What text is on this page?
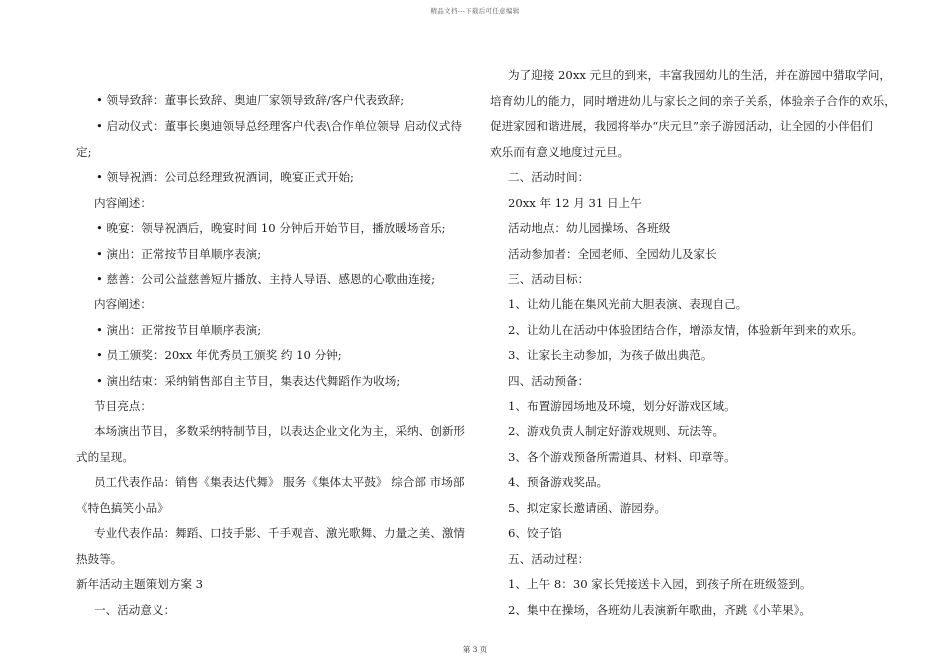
精品文档---下载后可任意编辑
• 领导致辞：董事长致辞、奥迪厂家领导致辞/客户代表致辞;
• 启动仪式：董事长奥迪领导总经理客户代表\合作单位领导 启动仪式待
定;
• 领导祝酒：公司总经理致祝酒词，晚宴正式开始;
内容阐述：
• 晚宴：领导祝酒后，晚宴时间 10 分钟后开始节目，播放暖场音乐;
• 演出：正常按节目单顺序表演;
• 慈善：公司公益慈善短片播放、主持人导语、感恩的心歌曲连接;
内容阐述：
• 演出：正常按节目单顺序表演;
• 员工颁奖：20xx 年优秀员工颁奖 约 10 分钟;
• 演出结束：采纳销售部自主节目，集表达代舞蹈作为收场;
节目亮点：
本场演出节目，多数采纳特制节目，以表达企业文化为主，采纳、创新形
式的呈现。
员工代表作品：销售《集表达代舞》 服务《集体太平鼓》 综合部 市场部
《特色搞笑小品》
专业代表作品：舞蹈、口技手影、千手观音、激光歌舞、力量之美、激情
热鼓等。
新年活动主题策划方案 3
一、活动意义：
为了迎接 20xx 元旦的到来，丰富我园幼儿的生活，并在游园中猎取学问，
培育幼儿的能力，同时增进幼儿与家长之间的亲子关系，体验亲子合作的欢乐，
促进家园和谐进展，我园将举办“庆元旦”亲子游园活动，让全园的小伴侣们
欢乐而有意义地度过元旦。
二、活动时间：
20xx 年 12 月 31 日上午
活动地点：幼儿园操场、各班级
活动参加者：全园老师、全园幼儿及家长
三、活动目标：
1、让幼儿能在集风光前大胆表演、表现自己。
2、让幼儿在活动中体验团结合作，增添友情，体验新年到来的欢乐。
3、让家长主动参加，为孩子做出典范。
四、活动预备：
1、布置游园场地及环境，划分好游戏区域。
2、游戏负责人制定好游戏规则、玩法等。
3、各个游戏预备所需道具、材料、印章等。
4、预备游戏奖品。
5、拟定家长邀请函、游园券。
6、饺子馅
五、活动过程：
1、上午 8：30 家长凭接送卡入园，到孩子所在班级签到。
2、集中在操场，各班幼儿表演新年歌曲，齐跳《小苹果》。
第 3 页
